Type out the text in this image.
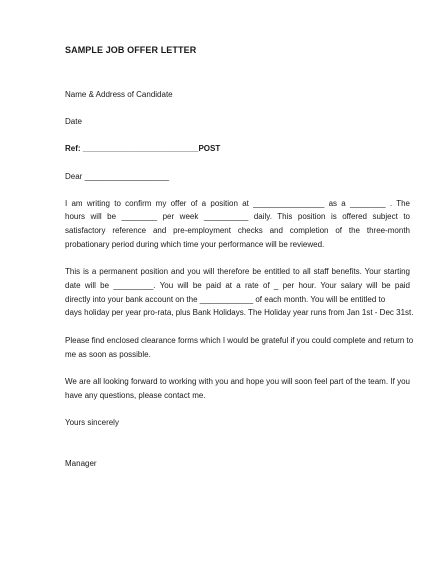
SAMPLE JOB OFFER LETTER
Name & Address of Candidate
Date
Ref: __________________________POST
Dear ___________________
I am writing to confirm my offer of a position at ________________ as a ________ . The
hours will be ________ per week __________ daily. This position is offered subject to
satisfactory reference and pre-employment checks and completion of the three-month
probationary period during which time your performance will be reviewed.
This is a permanent position and you will therefore be entitled to all staff benefits. Your starting
date will be _________. You will be paid at a rate of _ per hour. Your salary will be paid
directly into your bank account on the ____________ of each month. You will be entitled to
days holiday per year pro-rata, plus Bank Holidays. The Holiday year runs from Jan 1st - Dec 31st.
Please find enclosed clearance forms which I would be grateful if you could complete and return to
me as soon as possible.
We are all looking forward to working with you and hope you will soon feel part of the team. If you
have any questions, please contact me.
Yours sincerely
Manager
